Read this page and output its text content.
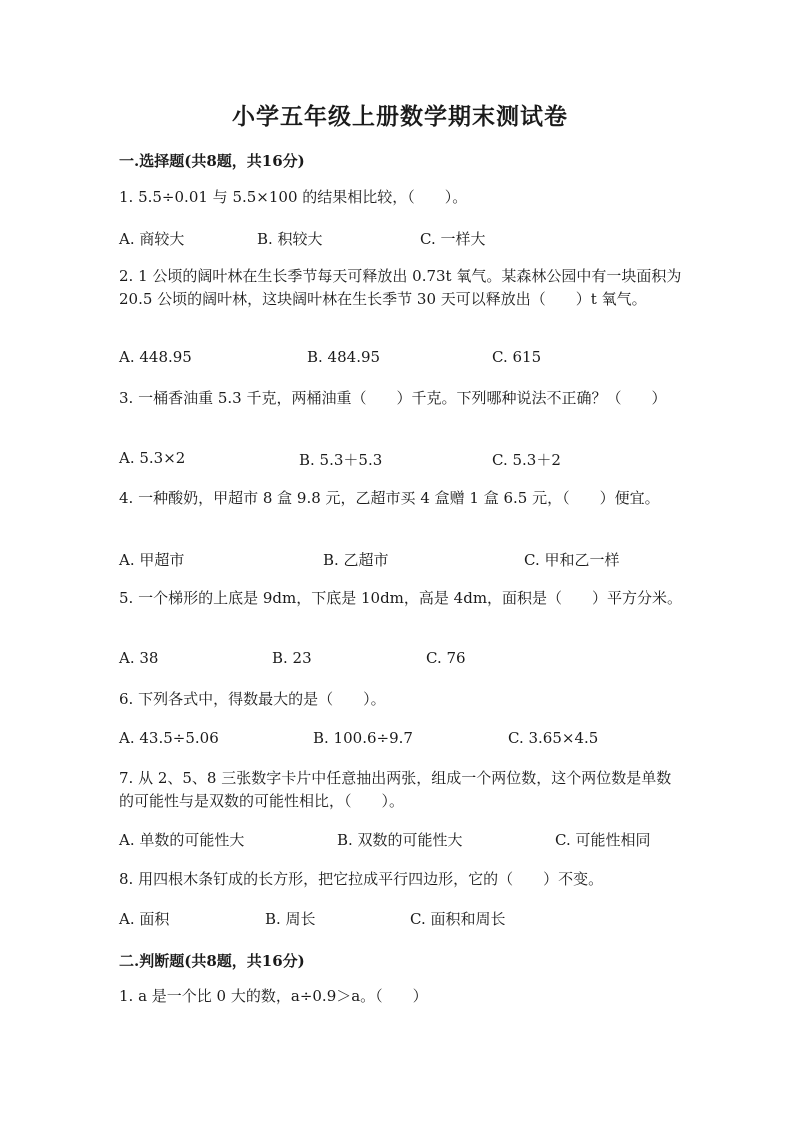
小学五年级上册数学期末测试卷
一.选择题(共8题，共16分)
1. 5.5÷0.01 与 5.5×100 的结果相比较，（　　）。
A. 商较大	B. 积较大	C. 一样大
2. 1 公顷的阔叶林在生长季节每天可释放出 0.73t 氧气。某森林公园中有一块面积为 20.5 公顷的阔叶林，这块阔叶林在生长季节 30 天可以释放出（　　）t 氧气。
A. 448.95	B. 484.95	C. 615
3. 一桶香油重 5.3 千克，两桶油重（　　）千克。下列哪种说法不正确？（　　）
A. 5.3×2	B. 5.3＋5.3	C. 5.3＋2
4. 一种酸奶，甲超市 8 盒 9.8 元，乙超市买 4 盒赠 1 盒 6.5 元，（　　）便宜。
A. 甲超市	B. 乙超市	C. 甲和乙一样
5. 一个梯形的上底是 9dm，下底是 10dm，高是 4dm，面积是（　　）平方分米。
A. 38	B. 23	C. 76
6. 下列各式中，得数最大的是（　　）。
A. 43.5÷5.06	B. 100.6÷9.7	C. 3.65×4.5
7. 从 2、5、8 三张数字卡片中任意抽出两张，组成一个两位数，这个两位数是单数的可能性与是双数的可能性相比，（　　）。
A. 单数的可能性大	B. 双数的可能性大	C. 可能性相同
8. 用四根木条钉成的长方形，把它拉成平行四边形，它的（　　）不变。
A. 面积	B. 周长	C. 面积和周长
二.判断题(共8题，共16分)
1. a 是一个比 0 大的数，a÷0.9＞a。（　　）
